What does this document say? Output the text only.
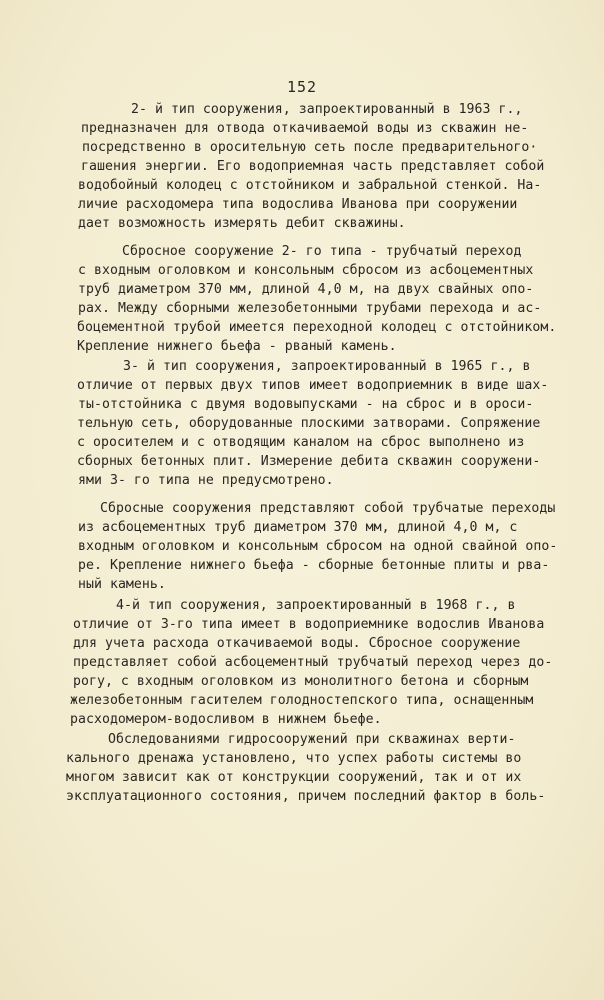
152
2- й тип сооружения, запроектированный в 1963 г.,
предназначен для отвода откачиваемой воды из скважин не-
посредственно в оросительную сеть после предварительного·
гашения энергии. Его водоприемная часть представляет собой
водобойный колодец с отстойником и забральной стенкой. На-
личие расходомера типа водослива Иванова при сооружении
дает возможность измерять дебит скважины.
Сбросное сооружение 2- го типа - трубчатый переход
с входным оголовком и консольным сбросом из асбоцементных
труб диаметром 370 мм, длиной 4,0 м, на двух свайных опо-
рах. Между сборными железобетонными трубами перехода и ас-
боцементной трубой имеется переходной колодец с отстойником.
Крепление нижнего бьефа - рваный камень.
3- й тип сооружения, запроектированный в 1965 г., в
отличие от первых двух типов имеет водоприемник в виде шах-
ты-отстойника с двумя водовыпусками - на сброс и в ороси-
тельную сеть, оборудованные плоскими затворами. Сопряжение
с оросителем и с отводящим каналом на сброс выполнено из
сборных бетонных плит. Измерение дебита скважин сооружени-
ями 3- го типа не предусмотрено.
Сбросные сооружения представляют собой трубчатые переходы
из асбоцементных труб диаметром 370 мм, длиной 4,0 м, с
входным оголовком и консольным сбросом на одной свайной опо-
ре. Крепление нижнего бьефа - сборные бетонные плиты и рва-
ный камень.
4-й тип сооружения, запроектированный в 1968 г., в
отличие от 3-го типа имеет в водоприемнике водослив Иванова
для учета расхода откачиваемой воды. Сбросное сооружение
представляет собой асбоцементный трубчатый переход через до-
рогу, с входным оголовком из монолитного бетона и сборным
железобетонным гасителем голодностепского типа, оснащенным
расходомером-водосливом в нижнем бьефе.
Обследованиями гидросооружений при скважинах верти-
кального дренажа установлено, что успех работы системы во
многом зависит как от конструкции сооружений, так и от их
эксплуатационного состояния, причем последний фактор в боль-
